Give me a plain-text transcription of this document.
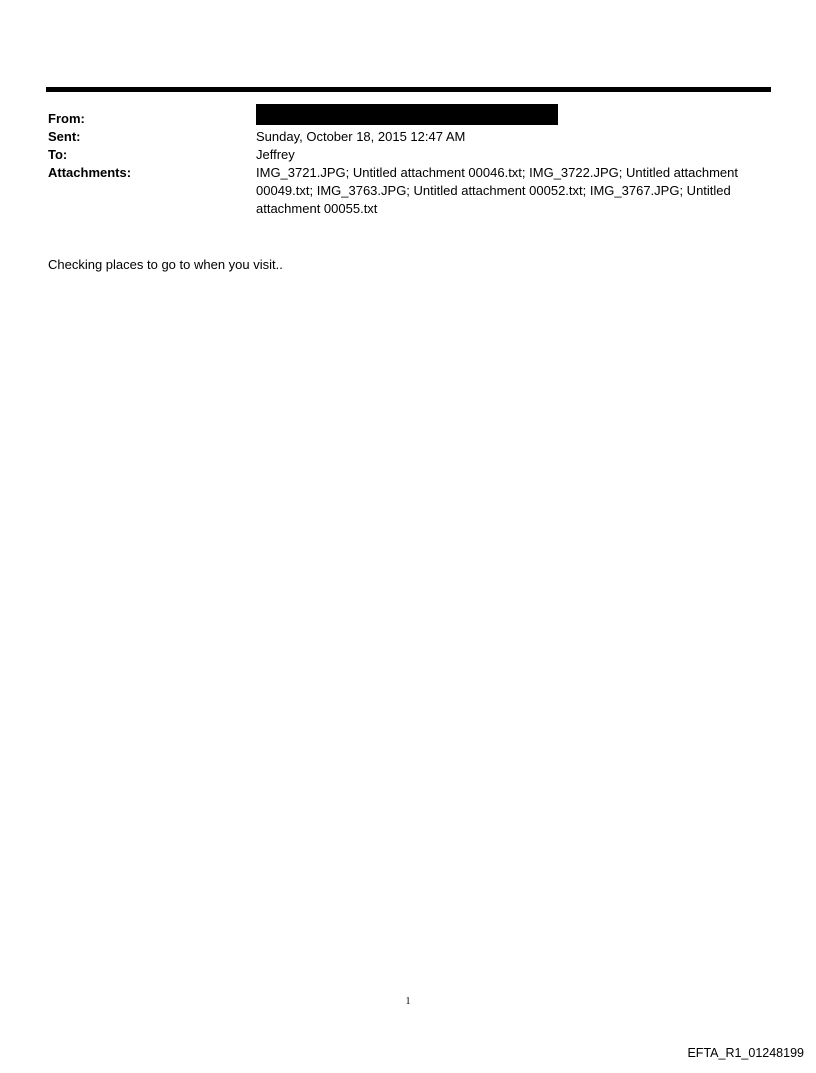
From:
Sent:	Sunday, October 18, 2015 12:47 AM
To:	Jeffrey
Attachments:	IMG_3721.JPG; Untitled attachment 00046.txt; IMG_3722.JPG; Untitled attachment 00049.txt; IMG_3763.JPG; Untitled attachment 00052.txt; IMG_3767.JPG; Untitled attachment 00055.txt
Checking places to go to when you visit..
1
EFTA_R1_01248199
